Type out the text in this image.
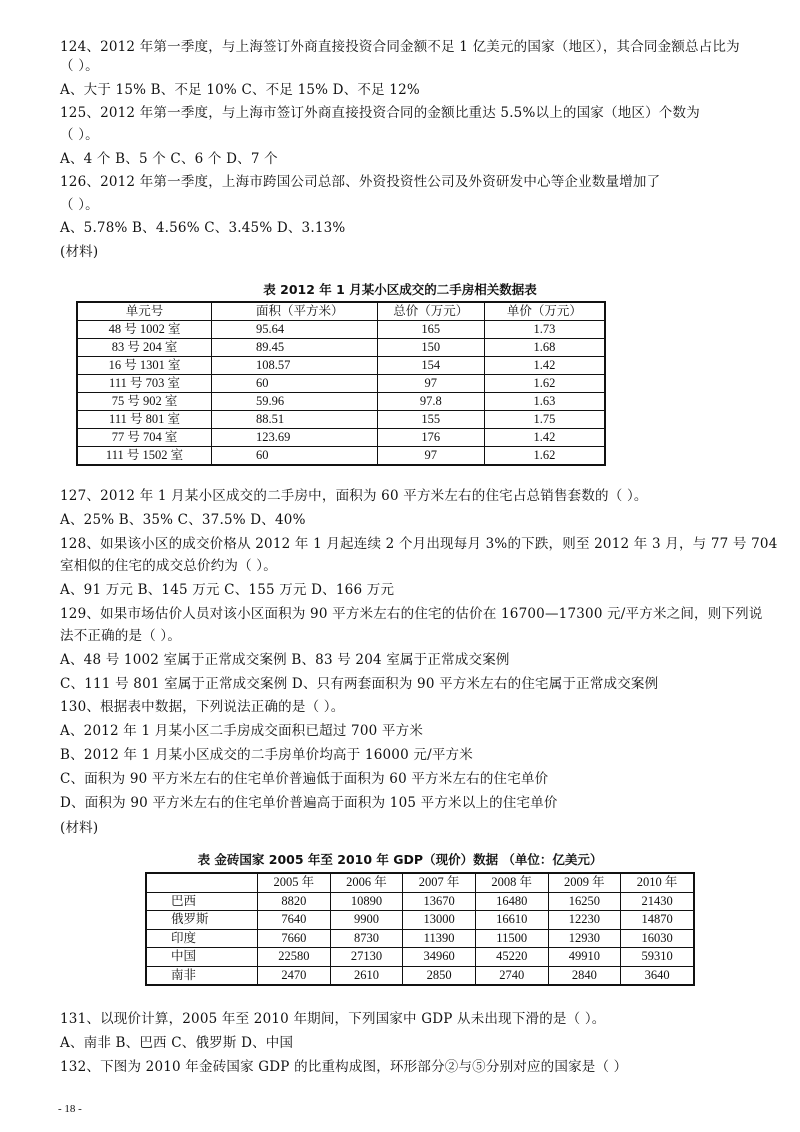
124、2012 年第一季度，与上海签订外商直接投资合同金额不足 1 亿美元的国家（地区），其合同金额总占比为
（ ）。
A、大于 15% B、不足 10% C、不足 15% D、不足 12%
125、2012 年第一季度，与上海市签订外商直接投资合同的金额比重达 5.5%以上的国家（地区）个数为
（ ）。
A、4 个 B、5 个 C、6 个 D、7 个
126、2012 年第一季度，上海市跨国公司总部、外资投资性公司及外资研发中心等企业数量增加了
（ ）。
A、5.78% B、4.56% C、3.45% D、3.13%
(材料)
表 2012 年 1 月某小区成交的二手房相关数据表
单元号	面积（平方米）	总价（万元）	单价（万元）
48 号 1002 室	95.64	165	1.73
83 号 204 室	89.45	150	1.68
16 号 1301 室	108.57	154	1.42
111 号 703 室	60	97	1.62
75 号 902 室	59.96	97.8	1.63
111 号 801 室	88.51	155	1.75
77 号 704 室	123.69	176	1.42
111 号 1502 室	60	97	1.62
127、2012 年 1 月某小区成交的二手房中，面积为 60 平方米左右的住宅占总销售套数的（ ）。
A、25% B、35% C、37.5% D、40%
128、如果该小区的成交价格从 2012 年 1 月起连续 2 个月出现每月 3%的下跌，则至 2012 年 3 月，与 77 号 704
室相似的住宅的成交总价约为（ ）。
A、91 万元 B、145 万元 C、155 万元 D、166 万元
129、如果市场估价人员对该小区面积为 90 平方米左右的住宅的估价在 16700—17300 元/平方米之间，则下列说
法不正确的是（ ）。
A、48 号 1002 室属于正常成交案例 B、83 号 204 室属于正常成交案例
C、111 号 801 室属于正常成交案例 D、只有两套面积为 90 平方米左右的住宅属于正常成交案例
130、根据表中数据，下列说法正确的是（ ）。
A、2012 年 1 月某小区二手房成交面积已超过 700 平方米
B、2012 年 1 月某小区成交的二手房单价均高于 16000 元/平方米
C、面积为 90 平方米左右的住宅单价普遍低于面积为 60 平方米左右的住宅单价
D、面积为 90 平方米左右的住宅单价普遍高于面积为 105 平方米以上的住宅单价
(材料)
表 金砖国家 2005 年至 2010 年 GDP（现价）数据 （单位：亿美元）
	2005 年	2006 年	2007 年	2008 年	2009 年	2010 年
巴西	8820	10890	13670	16480	16250	21430
俄罗斯	7640	9900	13000	16610	12230	14870
印度	7660	8730	11390	11500	12930	16030
中国	22580	27130	34960	45220	49910	59310
南非	2470	2610	2850	2740	2840	3640
131、以现价计算，2005 年至 2010 年期间，下列国家中 GDP 从未出现下滑的是（ ）。
A、南非 B、巴西 C、俄罗斯 D、中国
132、下图为 2010 年金砖国家 GDP 的比重构成图，环形部分②与⑤分别对应的国家是（ ）
- 18 -
